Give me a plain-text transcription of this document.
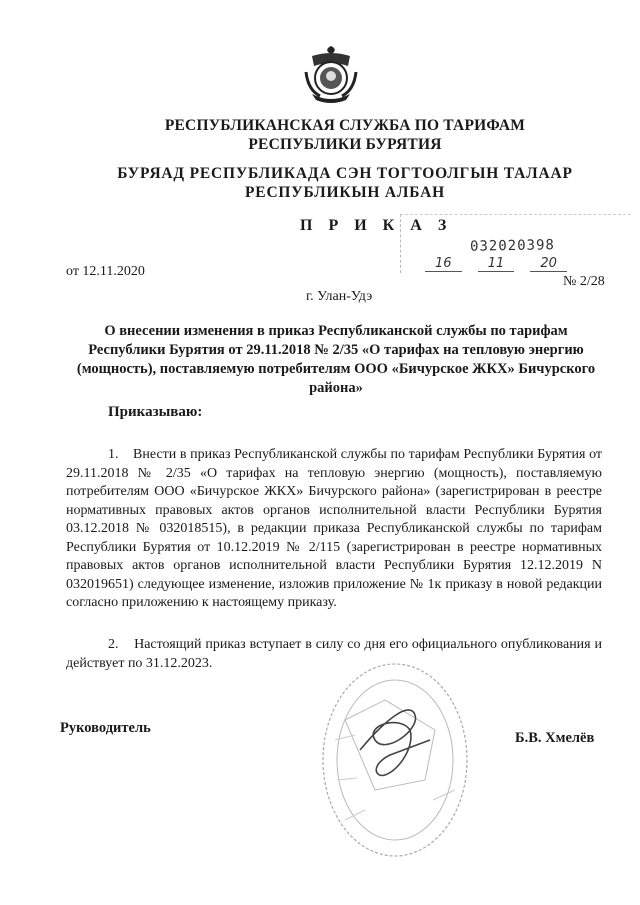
РЕСПУБЛИКАНСКАЯ СЛУЖБА ПО ТАРИФАМ РЕСПУБЛИКИ БУРЯТИЯ
БУРЯАД РЕСПУБЛИКАДА СЭН ТОГТООЛГЫН ТАЛААР РЕСПУБЛИКЫН АЛБАН
П Р И К А З
032020398
16	11	20
от 12.11.2020
№ 2/28
г. Улан-Удэ
О внесении изменения в приказ Республиканской службы по тарифам Республики Бурятия от 29.11.2018 № 2/35 «О тарифах на тепловую энергию (мощность), поставляемую потребителям ООО «Бичурское ЖКХ» Бичурского района»
Приказываю:
1.    Внести в приказ Республиканской службы по тарифам Республики Бурятия от 29.11.2018 № 2/35 «О тарифах на тепловую энергию (мощность), поставляемую потребителям ООО «Бичурское ЖКХ» Бичурского района» (зарегистрирован в реестре нормативных правовых актов органов исполнительной власти Республики Бурятия 03.12.2018 № 032018515), в редакции приказа Республиканской службы по тарифам Республики Бурятия от 10.12.2019 № 2/115 (зарегистрирован в реестре нормативных правовых актов органов исполнительной власти Республики Бурятия 12.12.2019 N 032019651) следующее изменение, изложив приложение № 1к приказу в новой редакции согласно приложению к настоящему приказу.
2.    Настоящий приказ вступает в силу со дня его официального опубликования и действует по 31.12.2023.
Руководитель
Б.В. Хмелёв
